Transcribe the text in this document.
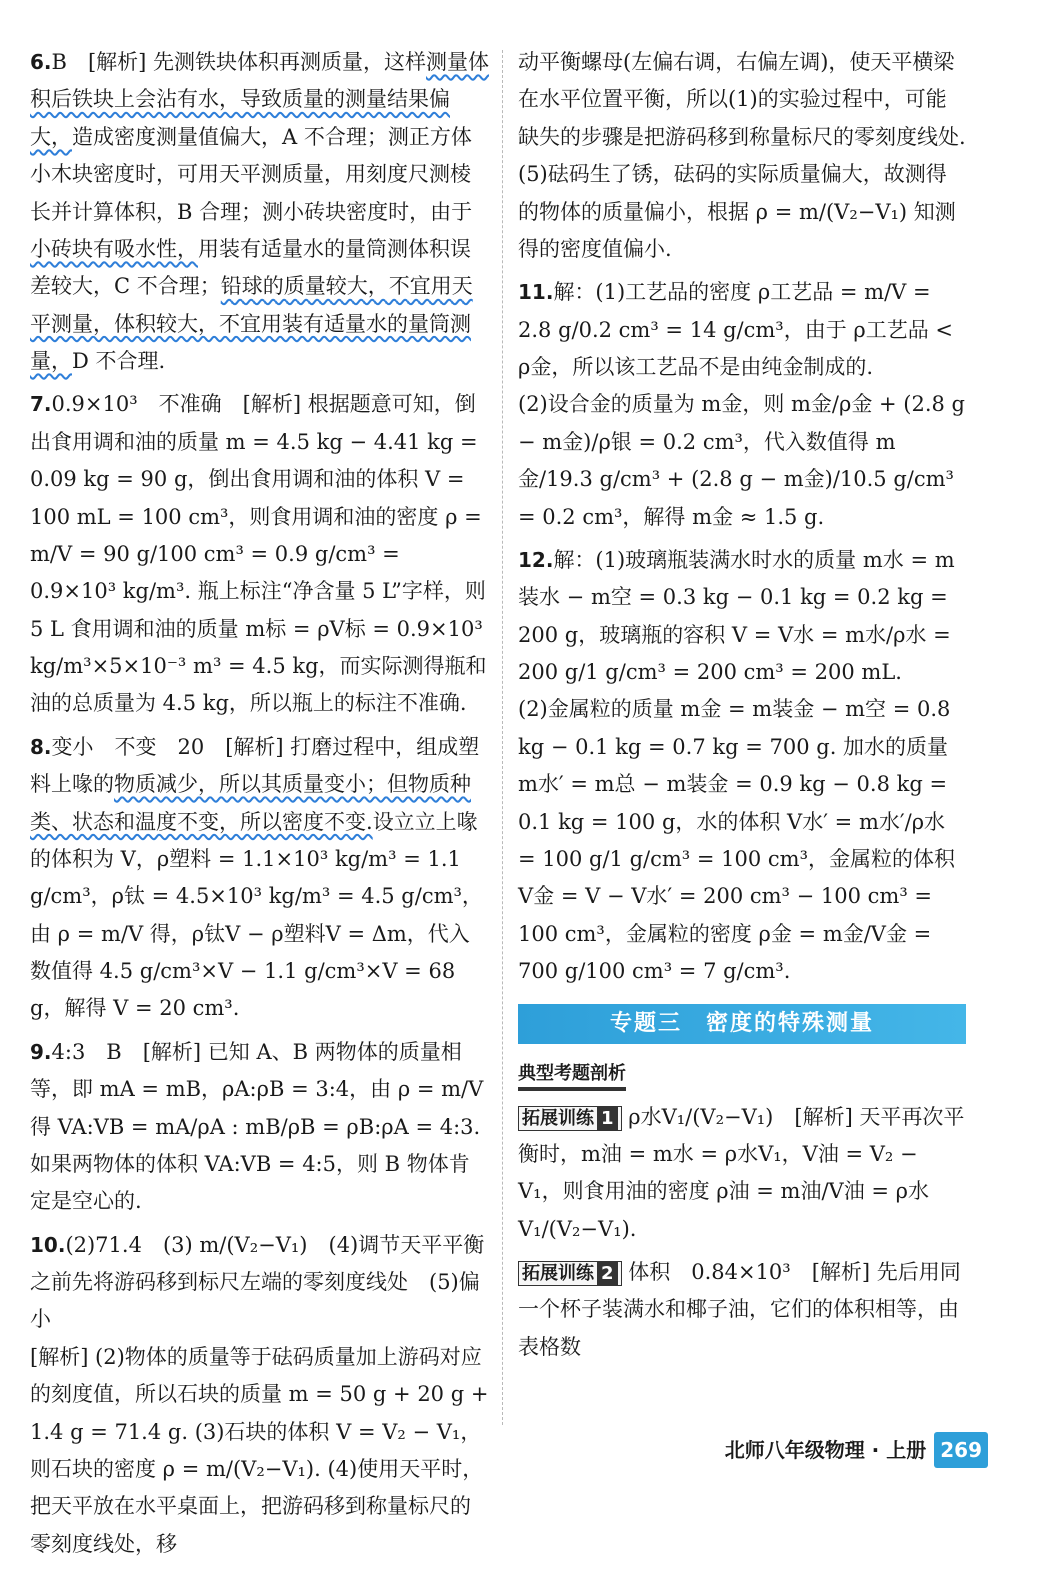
6.B　[解析] 先测铁块体积再测质量，这样测量体积后铁块上会沾有水，导致质量的测量结果偏大，造成密度测量值偏大，A 不合理；测正方体小木块密度时，可用天平测质量，用刻度尺测棱长并计算体积，B 合理；测小砖块密度时，由于小砖块有吸水性，用装有适量水的量筒测体积误差较大，C 不合理；铅球的质量较大，不宜用天平测量，体积较大，不宜用装有适量水的量筒测量，D 不合理.

7.0.9×10³　不准确　[解析] 根据题意可知，倒出食用调和油的质量 m = 4.5 kg − 4.41 kg = 0.09 kg = 90 g，倒出食用调和油的体积 V = 100 mL = 100 cm³，则食用调和油的密度 ρ = m/V = 90 g/100 cm³ = 0.9 g/cm³ = 0.9×10³ kg/m³. 瓶上标注“净含量 5 L”字样，则 5 L 食用调和油的质量 m标 = ρV标 = 0.9×10³ kg/m³×5×10⁻³ m³ = 4.5 kg，而实际测得瓶和油的总质量为 4.5 kg，所以瓶上的标注不准确.

8.变小　不变　20　[解析] 打磨过程中，组成塑料上喙的物质减少，所以其质量变小；但物质种类、状态和温度不变，所以密度不变.设立立上喙的体积为 V，ρ塑料 = 1.1×10³ kg/m³ = 1.1 g/cm³，ρ钛 = 4.5×10³ kg/m³ = 4.5 g/cm³，由 ρ = m/V 得，ρ钛V − ρ塑料V = Δm，代入数值得 4.5 g/cm³×V − 1.1 g/cm³×V = 68 g，解得 V = 20 cm³.

9.4:3　B　[解析] 已知 A、B 两物体的质量相等，即 mA = mB，ρA:ρB = 3:4，由 ρ = m/V 得 VA:VB = mA/ρA : mB/ρB = ρB:ρA = 4:3. 如果两物体的体积 VA:VB = 4:5，则 B 物体肯定是空心的.

10.(2)71.4　(3) m/(V₂−V₁)　(4)调节天平平衡之前先将游码移到标尺左端的零刻度线处　(5)偏小

[解析] (2)物体的质量等于砝码质量加上游码对应的刻度值，所以石块的质量 m = 50 g + 20 g + 1.4 g = 71.4 g. (3)石块的体积 V = V₂ − V₁，则石块的密度 ρ = m/(V₂−V₁). (4)使用天平时，把天平放在水平桌面上，把游码移到称量标尺的零刻度线处，移

动平衡螺母(左偏右调，右偏左调)，使天平横梁在水平位置平衡，所以(1)的实验过程中，可能缺失的步骤是把游码移到称量标尺的零刻度线处.

(5)砝码生了锈，砝码的实际质量偏大，故测得的物体的质量偏小，根据 ρ = m/(V₂−V₁) 知测得的密度值偏小.

11.解：(1)工艺品的密度 ρ工艺品 = m/V = 2.8 g/0.2 cm³ = 14 g/cm³，由于 ρ工艺品 < ρ金，所以该工艺品不是由纯金制成的.

(2)设合金的质量为 m金，则 m金/ρ金 + (2.8 g − m金)/ρ银 = 0.2 cm³，代入数值得 m金/19.3 g/cm³ + (2.8 g − m金)/10.5 g/cm³ = 0.2 cm³，解得 m金 ≈ 1.5 g.

12.解：(1)玻璃瓶装满水时水的质量 m水 = m装水 − m空 = 0.3 kg − 0.1 kg = 0.2 kg = 200 g，玻璃瓶的容积 V = V水 = m水/ρ水 = 200 g/1 g/cm³ = 200 cm³ = 200 mL.

(2)金属粒的质量 m金 = m装金 − m空 = 0.8 kg − 0.1 kg = 0.7 kg = 700 g. 加水的质量 m水′ = m总 − m装金 = 0.9 kg − 0.8 kg = 0.1 kg = 100 g，水的体积 V水′ = m水′/ρ水 = 100 g/1 g/cm³ = 100 cm³，金属粒的体积 V金 = V − V水′ = 200 cm³ − 100 cm³ = 100 cm³，金属粒的密度 ρ金 = m金/V金 = 700 g/100 cm³ = 7 g/cm³.

专题三　密度的特殊测量
典型考题剖析

拓展训练 1 ρ水V₁/(V₂−V₁)　[解析] 天平再次平衡时，m油 = m水 = ρ水V₁，V油 = V₂ − V₁，则食用油的密度 ρ油 = m油/V油 = ρ水V₁/(V₂−V₁).

拓展训练 2 体积　0.84×10³　[解析] 先后用同一个杯子装满水和椰子油，它们的体积相等，由表格数

北师八年级物理 · 上册 269
